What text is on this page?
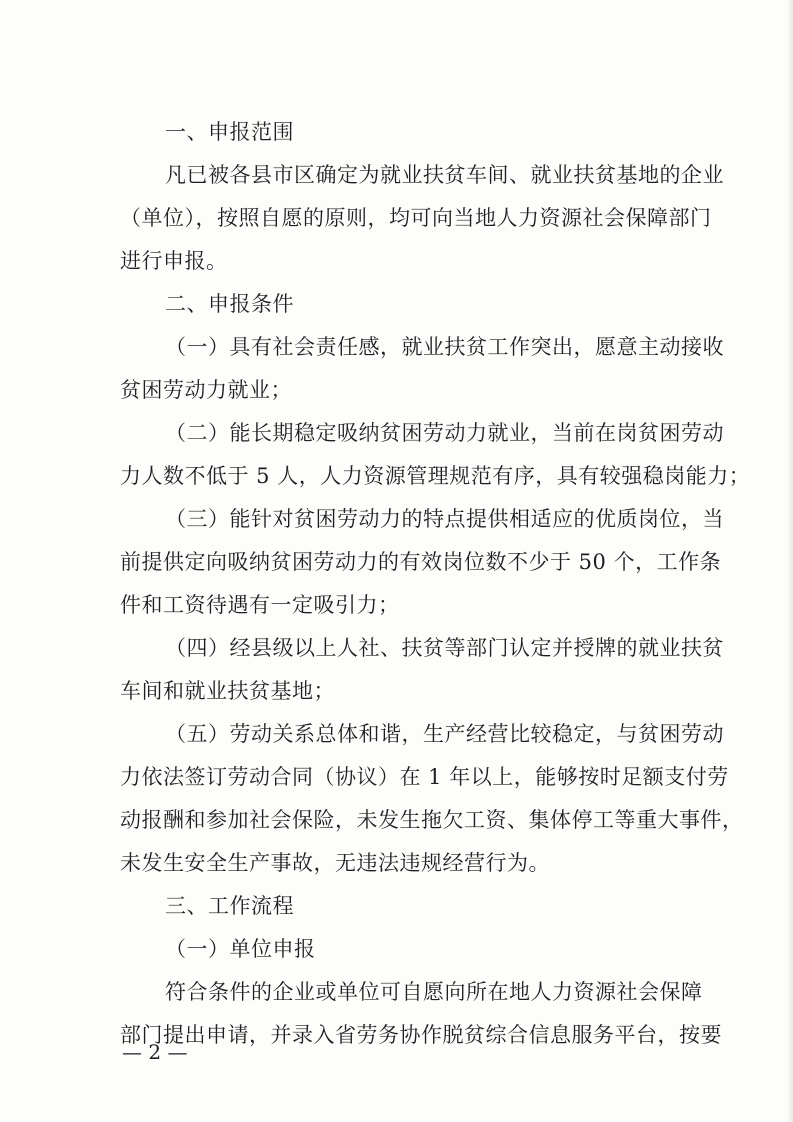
一、申报范围
凡已被各县市区确定为就业扶贫车间、就业扶贫基地的企业
（单位），按照自愿的原则，均可向当地人力资源社会保障部门
进行申报。
二、申报条件
（一）具有社会责任感，就业扶贫工作突出，愿意主动接收
贫困劳动力就业；
（二）能长期稳定吸纳贫困劳动力就业，当前在岗贫困劳动
力人数不低于 5 人，人力资源管理规范有序，具有较强稳岗能力；
（三）能针对贫困劳动力的特点提供相适应的优质岗位，当
前提供定向吸纳贫困劳动力的有效岗位数不少于 50 个，工作条
件和工资待遇有一定吸引力；
（四）经县级以上人社、扶贫等部门认定并授牌的就业扶贫
车间和就业扶贫基地；
（五）劳动关系总体和谐，生产经营比较稳定，与贫困劳动
力依法签订劳动合同（协议）在 1 年以上，能够按时足额支付劳
动报酬和参加社会保险，未发生拖欠工资、集体停工等重大事件，
未发生安全生产事故，无违法违规经营行为。
三、工作流程
（一）单位申报
符合条件的企业或单位可自愿向所在地人力资源社会保障
部门提出申请，并录入省劳务协作脱贫综合信息服务平台，按要
— 2 —
